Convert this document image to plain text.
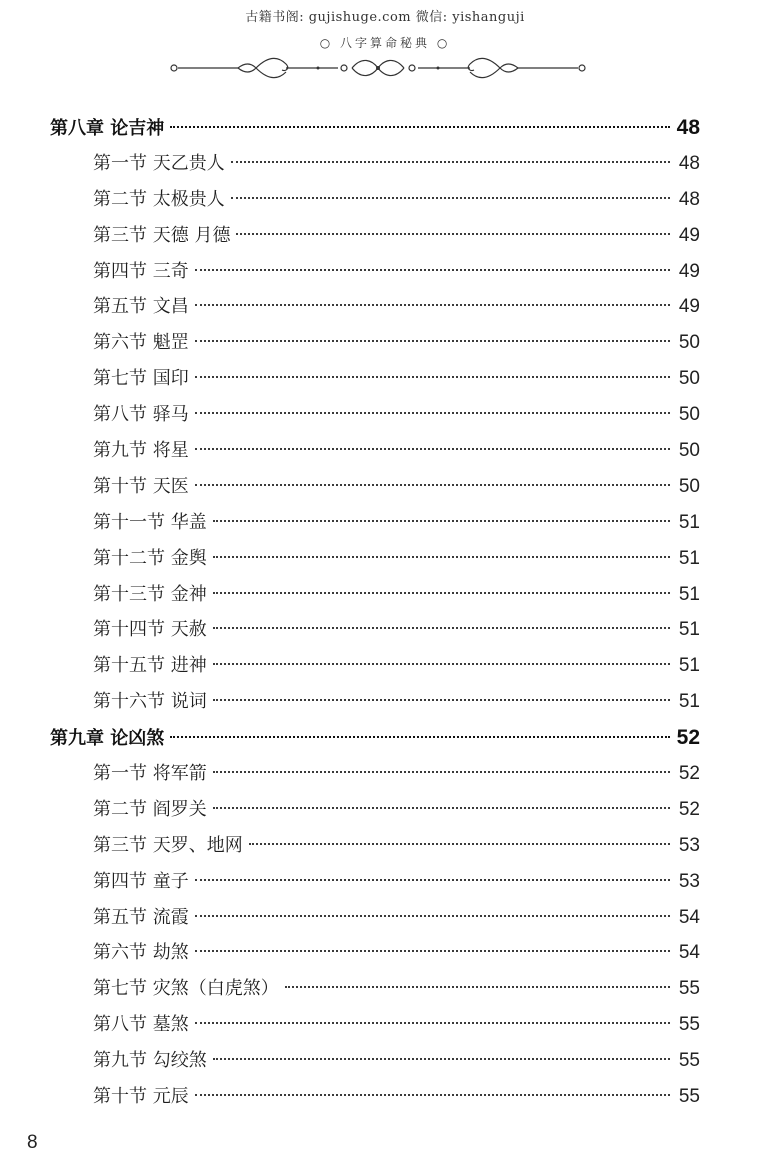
古籍书阁: gujishuge.com 微信: yishanguji
○ 八字算命秘典 ○
第八章 论吉神	48
第一节 天乙贵人	48
第二节 太极贵人	48
第三节 天德 月德	49
第四节 三奇	49
第五节 文昌	49
第六节 魁罡	50
第七节 国印	50
第八节 驿马	50
第九节 将星	50
第十节 天医	50
第十一节 华盖	51
第十二节 金舆	51
第十三节 金神	51
第十四节 天赦	51
第十五节 进神	51
第十六节 说词	51
第九章 论凶煞	52
第一节 将军箭	52
第二节 阎罗关	52
第三节 天罗、地网	53
第四节 童子	53
第五节 流霞	54
第六节 劫煞	54
第七节 灾煞（白虎煞）	55
第八节 墓煞	55
第九节 勾绞煞	55
第十节 元辰	55
8
